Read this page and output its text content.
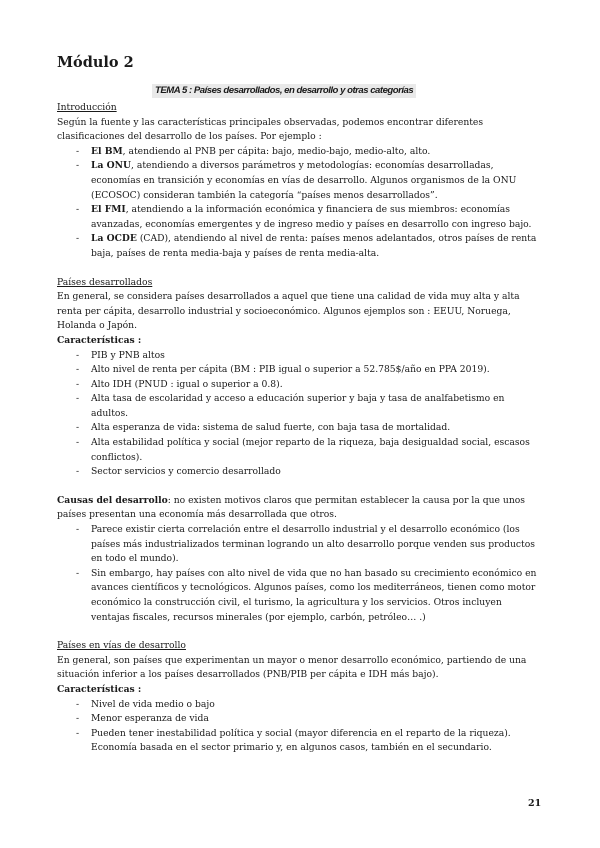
Módulo 2
TEMA 5 : Países desarrollados, en desarrollo y otras categorías

Introducción

Según la fuente y las características principales observadas, podemos encontrar diferentes clasificaciones del desarrollo de los países. Por ejemplo :

- El BM, atendiendo al PNB per cápita: bajo, medio-bajo, medio-alto, alto.
- La ONU, atendiendo a diversos parámetros y metodologías: economías desarrolladas, economías en transición y economías en vías de desarrollo. Algunos organismos de la ONU (ECOSOC) consideran también la categoría “países menos desarrollados”.
- El FMI, atendiendo a la información económica y financiera de sus miembros: economías avanzadas, economías emergentes y de ingreso medio y países en desarrollo con ingreso bajo.
- La OCDE (CAD), atendiendo al nivel de renta: países menos adelantados, otros países de renta baja, países de renta media-baja y países de renta media-alta.

Países desarrollados

En general, se considera países desarrollados a aquel que tiene una calidad de vida muy alta y alta renta per cápita, desarrollo industrial y socioeconómico. Algunos ejemplos son : EEUU, Noruega, Holanda o Japón.

Características :

- PIB y PNB altos
- Alto nivel de renta per cápita (BM : PIB igual o superior a 52.785$/año en PPA 2019).
- Alto IDH (PNUD : igual o superior a 0.8).
- Alta tasa de escolaridad y acceso a educación superior y baja y tasa de analfabetismo en adultos.
- Alta esperanza de vida: sistema de salud fuerte, con baja tasa de mortalidad.
- Alta estabilidad política y social (mejor reparto de la riqueza, baja desigualdad social, escasos conflictos).
- Sector servicios y comercio desarrollado

Causas del desarrollo: no existen motivos claros que permitan establecer la causa por la que unos países presentan una economía más desarrollada que otros.

- Parece existir cierta correlación entre el desarrollo industrial y el desarrollo económico (los países más industrializados terminan logrando un alto desarrollo porque venden sus productos en todo el mundo).
- Sin embargo, hay países con alto nivel de vida que no han basado su crecimiento económico en avances científicos y tecnológicos. Algunos países, como los mediterráneos, tienen como motor económico la construcción civil, el turismo, la agricultura y los servicios. Otros incluyen ventajas fiscales, recursos minerales (por ejemplo, carbón, petróleo… .)

Países en vías de desarrollo

En general, son países que experimentan un mayor o menor desarrollo económico, partiendo de una situación inferior a los países desarrollados (PNB/PIB per cápita e IDH más bajo).

Características :

- Nivel de vida medio o bajo
- Menor esperanza de vida
- Pueden tener inestabilidad política y social (mayor diferencia en el reparto de la riqueza). Economía basada en el sector primario y, en algunos casos, también en el secundario.
21
